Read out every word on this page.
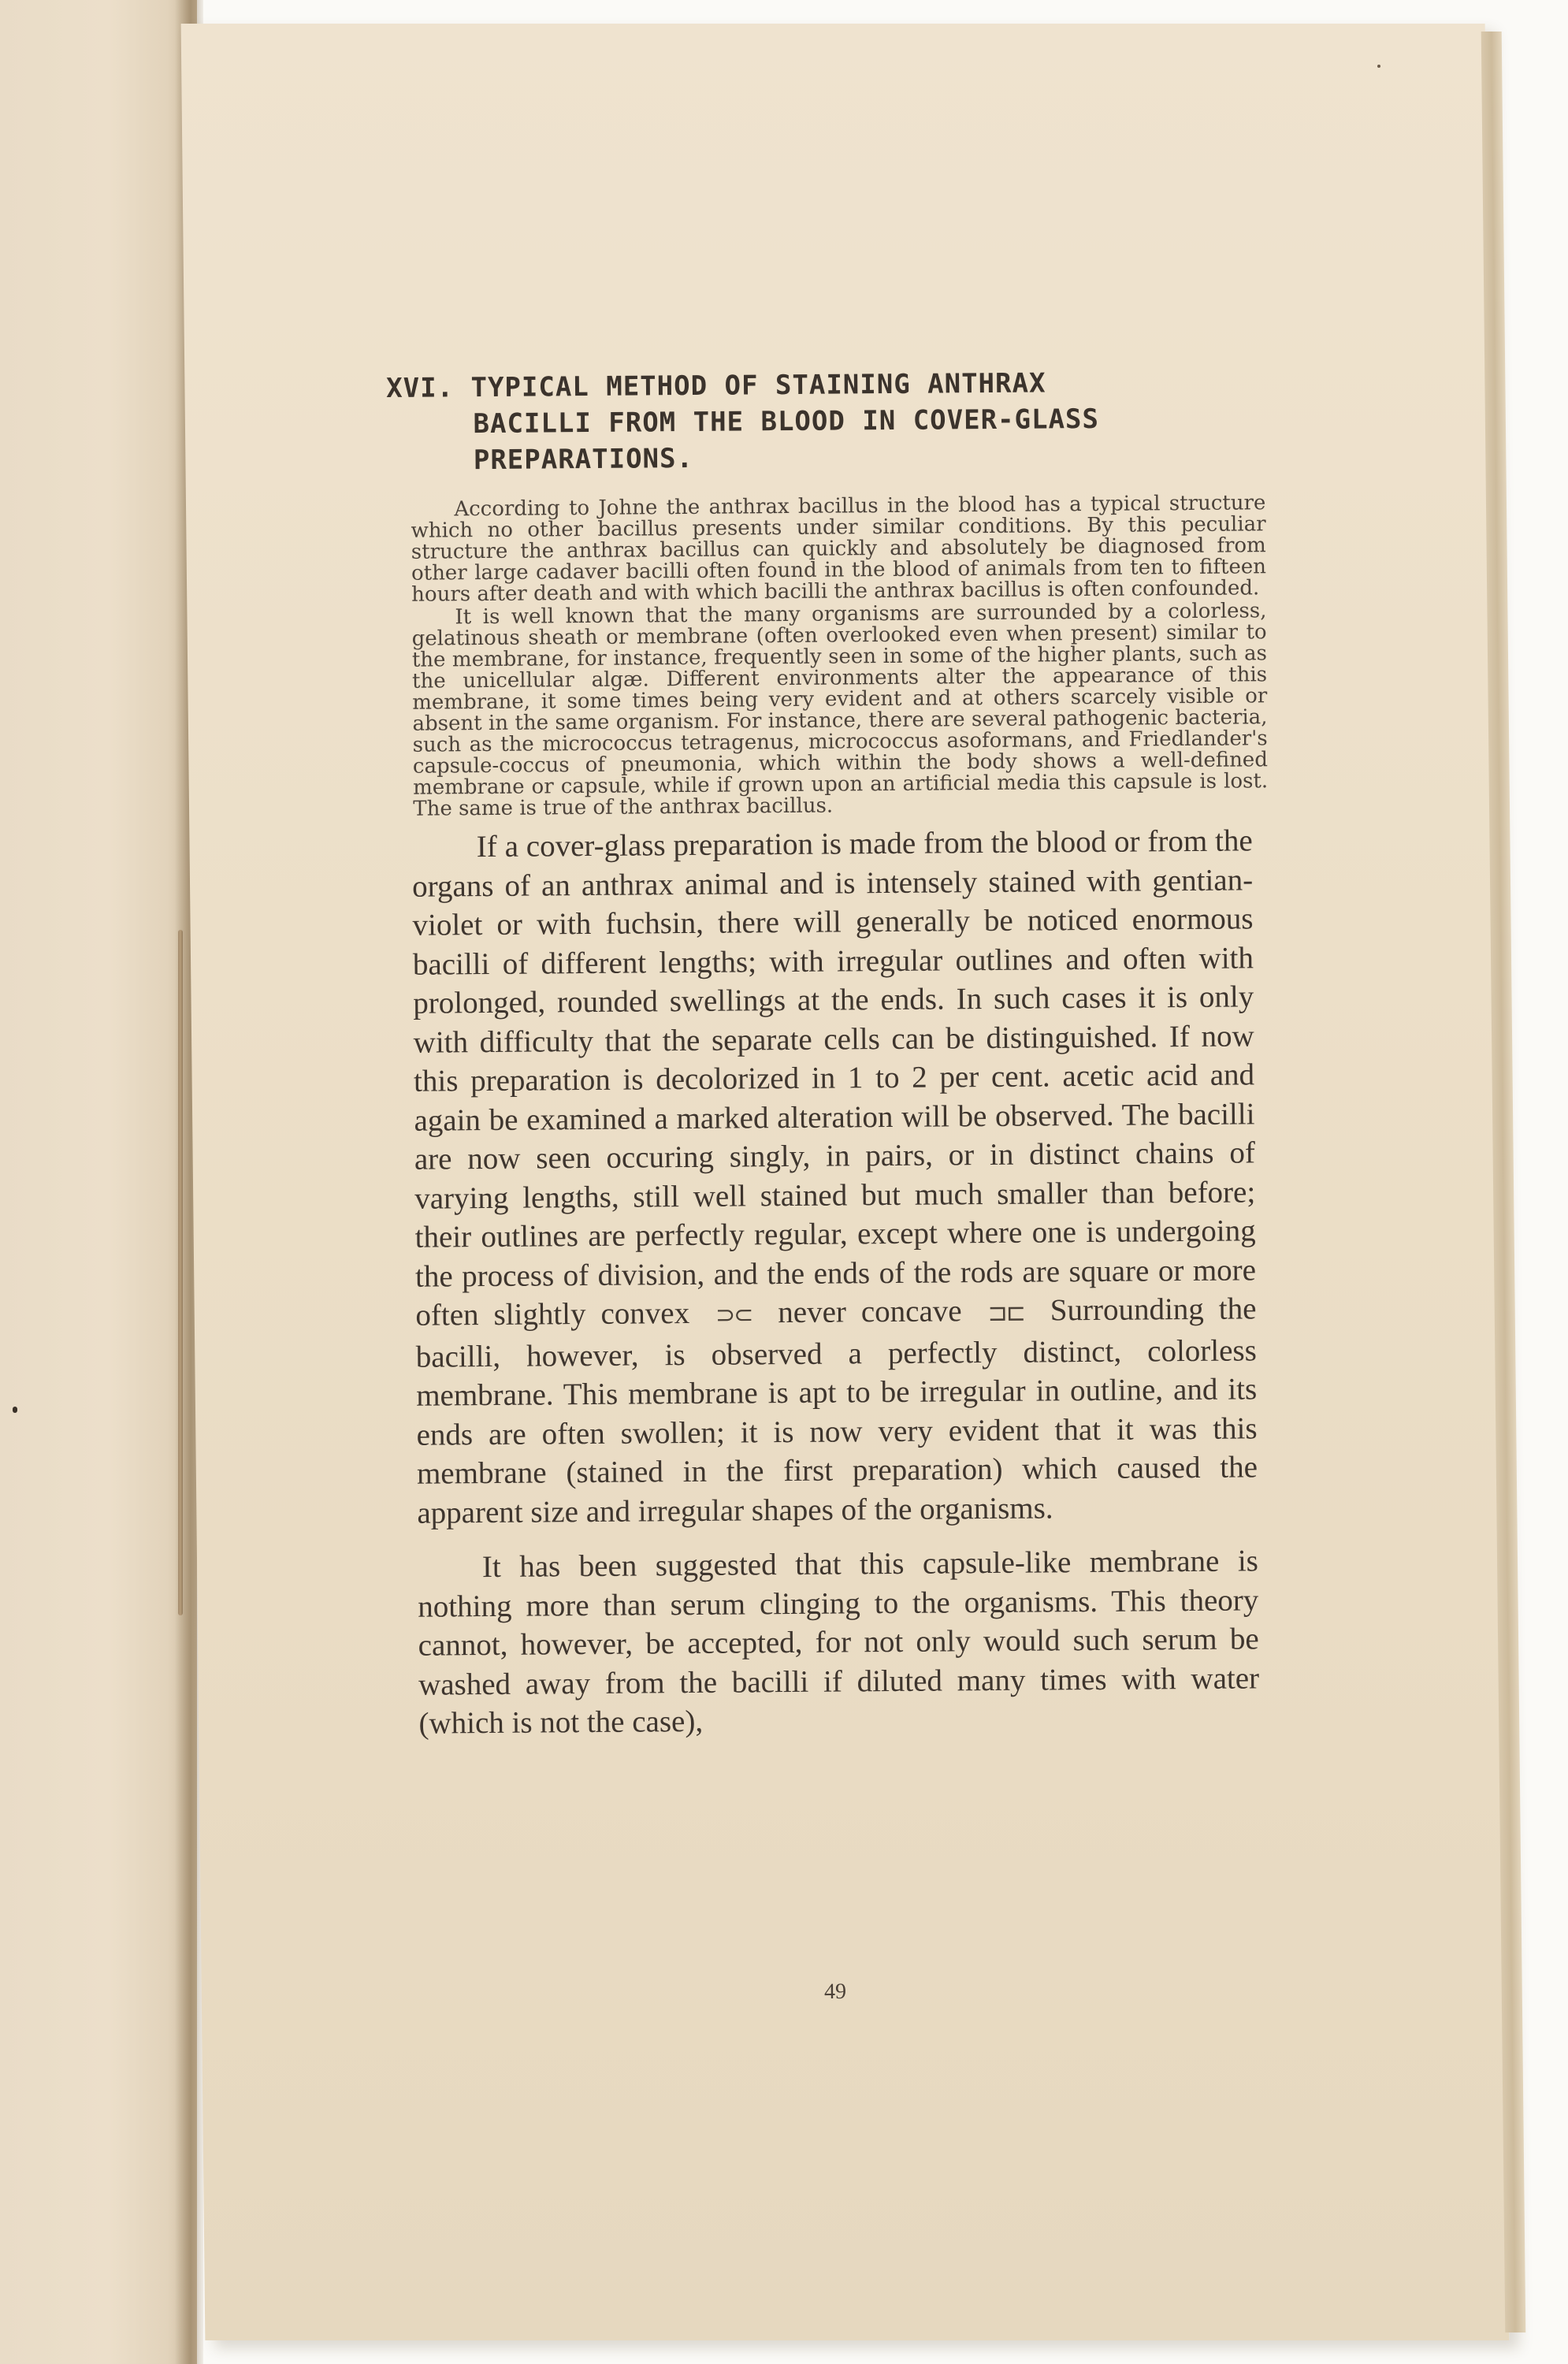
XVI. TYPICAL METHOD OF STAINING ANTHRAX
BACILLI FROM THE BLOOD IN COVER-GLASS
PREPARATIONS.

According to Johne the anthrax bacillus in the blood has a typical structure which no other bacillus presents under similar conditions. By this peculiar structure the anthrax bacillus can quickly and absolutely be diagnosed from other large cadaver bacilli often found in the blood of animals from ten to fifteen hours after death and with which bacilli the anthrax bacillus is often confounded.

It is well known that the many organisms are surrounded by a colorless, gelatinous sheath or membrane (often overlooked even when present) similar to the membrane, for instance, frequently seen in some of the higher plants, such as the unicellular algæ. Different environments alter the appearance of this membrane, it some times being very evident and at others scarcely visible or absent in the same organism. For instance, there are several pathogenic bacteria, such as the micrococcus tetragenus, micrococcus asoformans, and Friedlander's capsule-coccus of pneumonia, which within the body shows a well-defined membrane or capsule, while if grown upon an artificial media this capsule is lost. The same is true of the anthrax bacillus.

If a cover-glass preparation is made from the blood or from the organs of an anthrax animal and is intensely stained with gentian-violet or with fuchsin, there will generally be noticed enormous bacilli of different lengths; with irregular outlines and often with prolonged, rounded swellings at the ends. In such cases it is only with difficulty that the separate cells can be distinguished. If now this preparation is decolorized in 1 to 2 per cent. acetic acid and again be examined a marked alteration will be observed. The bacilli are now seen occuring singly, in pairs, or in distinct chains of varying lengths, still well stained but much smaller than before; their outlines are perfectly regular, except where one is undergoing the process of division, and the ends of the rods are square or more often slightly convex ⊃⊂ never concave ⊐⊏ Surrounding the bacilli, however, is observed a perfectly distinct, colorless membrane. This membrane is apt to be irregular in outline, and its ends are often swollen; it is now very evident that it was this membrane (stained in the first preparation) which caused the apparent size and irregular shapes of the organisms.

It has been suggested that this capsule-like membrane is nothing more than serum clinging to the organisms. This theory cannot, however, be accepted, for not only would such serum be washed away from the bacilli if diluted many times with water (which is not the case),

49
